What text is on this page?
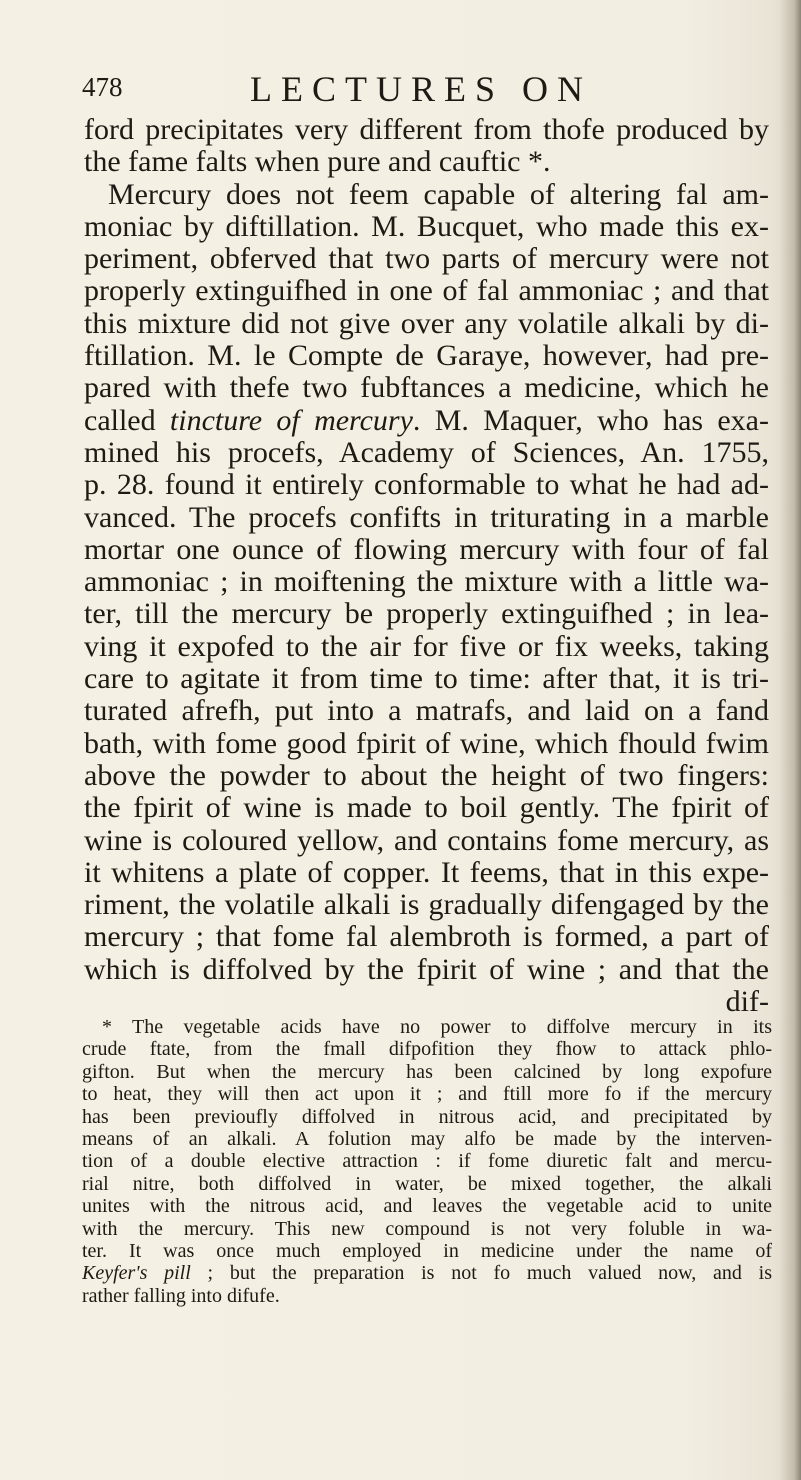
478	LECTURES ON
ford precipitates very different from thofe produced by
the fame falts when pure and cauftic *.
Mercury does not feem capable of altering fal am-
moniac by diftillation. M. Bucquet, who made this ex-
periment, obferved that two parts of mercury were not
properly extinguifhed in one of fal ammoniac ; and that
this mixture did not give over any volatile alkali by di-
ftillation. M. le Compte de Garaye, however, had pre-
pared with thefe two fubftances a medicine, which he
called tincture of mercury. M. Maquer, who has exa-
mined his procefs, Academy of Sciences, An. 1755,
p. 28. found it entirely conformable to what he had ad-
vanced. The procefs confifts in triturating in a marble
mortar one ounce of flowing mercury with four of fal
ammoniac ; in moiftening the mixture with a little wa-
ter, till the mercury be properly extinguifhed ; in lea-
ving it expofed to the air for five or fix weeks, taking
care to agitate it from time to time: after that, it is tri-
turated afrefh, put into a matrafs, and laid on a fand
bath, with fome good fpirit of wine, which fhould fwim
above the powder to about the height of two fingers:
the fpirit of wine is made to boil gently. The fpirit of
wine is coloured yellow, and contains fome mercury, as
it whitens a plate of copper. It feems, that in this expe-
riment, the volatile alkali is gradually difengaged by the
mercury ; that fome fal alembroth is formed, a part of
which is diffolved by the fpirit of wine ; and that the
dif-
* The vegetable acids have no power to diffolve mercury in its
crude ftate, from the fmall difpofition they fhow to attack phlo-
gifton. But when the mercury has been calcined by long expofure
to heat, they will then act upon it ; and ftill more fo if the mercury
has been previoufly diffolved in nitrous acid, and precipitated by
means of an alkali. A folution may alfo be made by the interven-
tion of a double elective attraction : if fome diuretic falt and mercu-
rial nitre, both diffolved in water, be mixed together, the alkali
unites with the nitrous acid, and leaves the vegetable acid to unite
with the mercury. This new compound is not very foluble in wa-
ter. It was once much employed in medicine under the name of
Keyfer's pill ; but the preparation is not fo much valued now, and is
rather falling into difufe.
